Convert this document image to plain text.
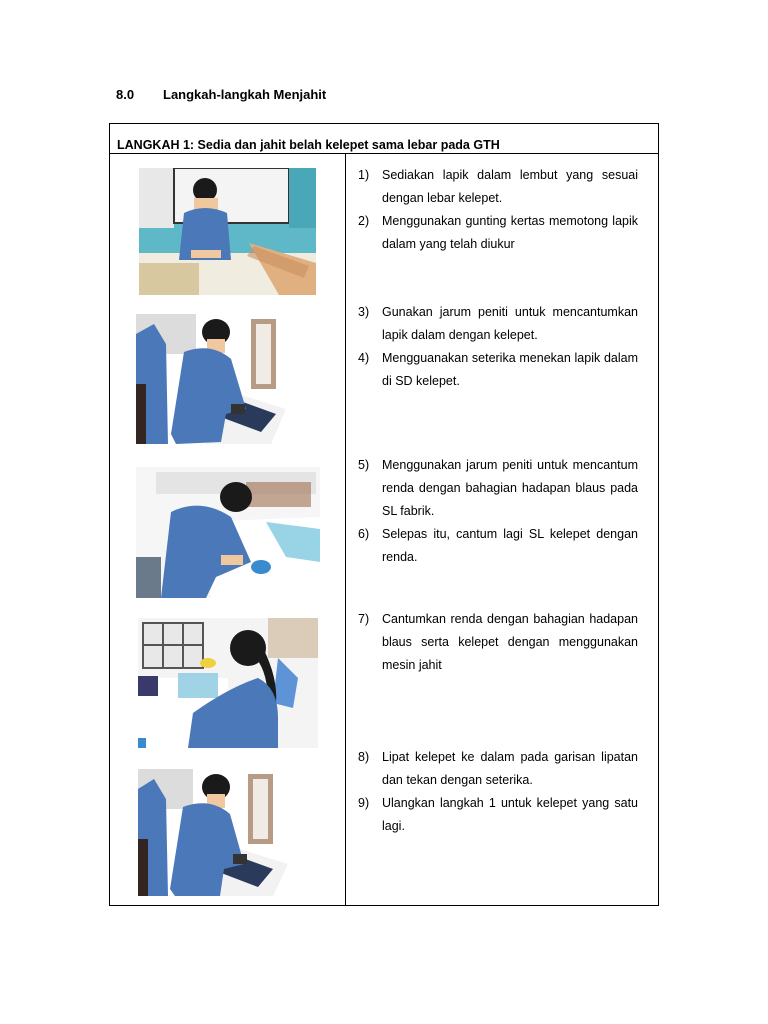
8.0 Langkah-langkah Menjahit
LANGKAH 1: Sedia dan jahit belah kelepet sama lebar pada GTH
1) Sediakan lapik dalam lembut yang sesuai dengan lebar kelepet.
2) Menggunakan gunting kertas memotong lapik dalam yang telah diukur
3) Gunakan jarum peniti untuk mencantumkan lapik dalam dengan kelepet.
4) Mengguanakan seterika menekan lapik dalam di SD kelepet.
5) Menggunakan jarum peniti untuk mencantum renda dengan bahagian hadapan blaus pada SL fabrik.
6) Selepas itu, cantum lagi SL kelepet dengan renda.
7) Cantumkan renda dengan bahagian hadapan blaus serta kelepet dengan menggunakan mesin jahit
8) Lipat kelepet ke dalam pada garisan lipatan dan tekan dengan seterika.
9) Ulangkan langkah 1 untuk kelepet yang satu lagi.
